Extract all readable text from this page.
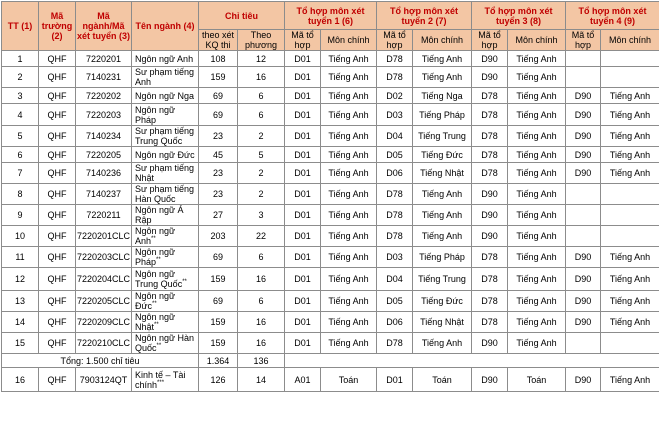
TT (1)	Mã trường (2)	Mã ngành/Mã xét tuyển (3)	Tên ngành (4)	Chỉ tiêu		Tổ hợp môn xét tuyển 1 (6)		Tổ hợp môn xét tuyển 2 (7)		Tổ hợp môn xét tuyển 3 (8)		Tổ hợp môn xét tuyển 4 (9)	
				theo xét KQ thi	Theo phương	Mã tổ hợp	Môn chính	Mã tổ hợp	Môn chính	Mã tổ hợp	Môn chính	Mã tổ hợp	Môn chính
1	QHF	7220201	Ngôn ngữ Anh	108	12	D01	Tiếng Anh	D78	Tiếng Anh	D90	Tiếng Anh		
2	QHF	7140231	Sư phạm tiếng Anh	159	16	D01	Tiếng Anh	D78	Tiếng Anh	D90	Tiếng Anh		
3	QHF	7220202	Ngôn ngữ Nga	69	6	D01	Tiếng Anh	D02	Tiếng Nga	D78	Tiếng Anh	D90	Tiếng Anh
4	QHF	7220203	Ngôn ngữ Pháp	69	6	D01	Tiếng Anh	D03	Tiếng Pháp	D78	Tiếng Anh	D90	Tiếng Anh
5	QHF	7140234	Sư phạm tiếng Trung Quốc	23	2	D01	Tiếng Anh	D04	Tiếng Trung	D78	Tiếng Anh	D90	Tiếng Anh
6	QHF	7220205	Ngôn ngữ Đức	45	5	D01	Tiếng Anh	D05	Tiếng Đức	D78	Tiếng Anh	D90	Tiếng Anh
7	QHF	7140236	Sư phạm tiếng Nhật	23	2	D01	Tiếng Anh	D06	Tiếng Nhật	D78	Tiếng Anh	D90	Tiếng Anh
8	QHF	7140237	Sư phạm tiếng Hàn Quốc	23	2	D01	Tiếng Anh	D78	Tiếng Anh	D90	Tiếng Anh		
9	QHF	7220211	Ngôn ngữ Ả Rập	27	3	D01	Tiếng Anh	D78	Tiếng Anh	D90	Tiếng Anh		
10	QHF	7220201CLC	Ngôn ngữ Anh**	203	22	D01	Tiếng Anh	D78	Tiếng Anh	D90	Tiếng Anh		
11	QHF	7220203CLC	Ngôn ngữ Pháp**	69	6	D01	Tiếng Anh	D03	Tiếng Pháp	D78	Tiếng Anh	D90	Tiếng Anh
12	QHF	7220204CLC	Ngôn ngữ Trung Quốc**	159	16	D01	Tiếng Anh	D04	Tiếng Trung	D78	Tiếng Anh	D90	Tiếng Anh
13	QHF	7220205CLC	Ngôn ngữ Đức**	69	6	D01	Tiếng Anh	D05	Tiếng Đức	D78	Tiếng Anh	D90	Tiếng Anh
14	QHF	7220209CLC	Ngôn ngữ Nhật**	159	16	D01	Tiếng Anh	D06	Tiếng Nhật	D78	Tiếng Anh	D90	Tiếng Anh
15	QHF	7220210CLC	Ngôn ngữ Hàn Quốc**	159	16	D01	Tiếng Anh	D78	Tiếng Anh	D90	Tiếng Anh		
Tổng: 1.500 chỉ tiêu				1.364	136								
16	QHF	7903124QT	Kinh tế – Tài chính***	126	14	A01	Toán	D01	Toán	D90	Toán	D90	Tiếng Anh
